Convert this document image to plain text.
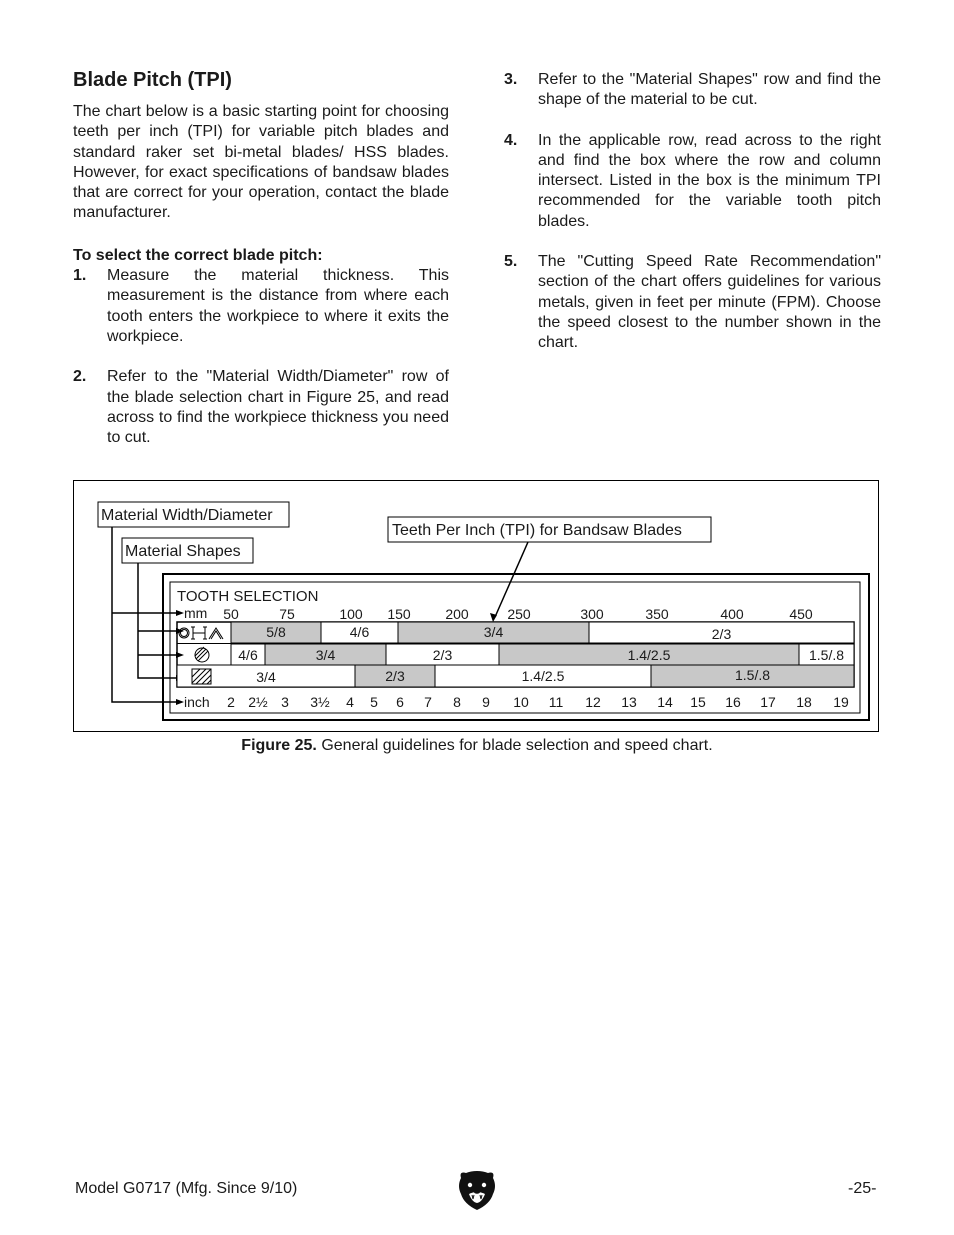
Blade Pitch (TPI)

The chart below is a basic starting point for choosing teeth per inch (TPI) for variable pitch blades and standard raker set bi-metal blades/ HSS blades. However, for exact specifications of bandsaw blades that are correct for your operation, contact the blade manufacturer.

To select the correct blade pitch:

1.	Measure the material thickness. This measurement is the distance from where each tooth enters the workpiece to where it exits the workpiece.
2.	Refer to the "Material Width/Diameter" row of the blade selection chart in Figure 25, and read across to find the workpiece thickness you need to cut.
3.	Refer to the "Material Shapes" row and find the shape of the material to be cut.
4.	In the applicable row, read across to the right and find the box where the row and column intersect. Listed in the box is the minimum TPI recommended for the variable tooth pitch blades.
5.	The "Cutting Speed Rate Recommendation" section of the chart offers guidelines for various metals, given in feet per minute (FPM). Choose the speed closest to the number shown in the chart.
Material Width/Diameter
Material Shapes
Teeth Per Inch (TPI) for Bandsaw Blades
TOOTH SELECTION
mm
inch
50	75	100 150 200	250	300	350	400	450
2 2½ 3 3½ 4 5 6 7 8 9 10 11 12 13 14 15 16 17 18 19
5/8	4/6	3/4	2/3
4/6	3/4	2/3	1.4/2.5	1.5/.8
3/4	2/3	1.4/2.5	1.5/.8
Figure 25. General guidelines for blade selection and speed chart.
Model G0717 (Mfg. Since 9/10)	-25-
